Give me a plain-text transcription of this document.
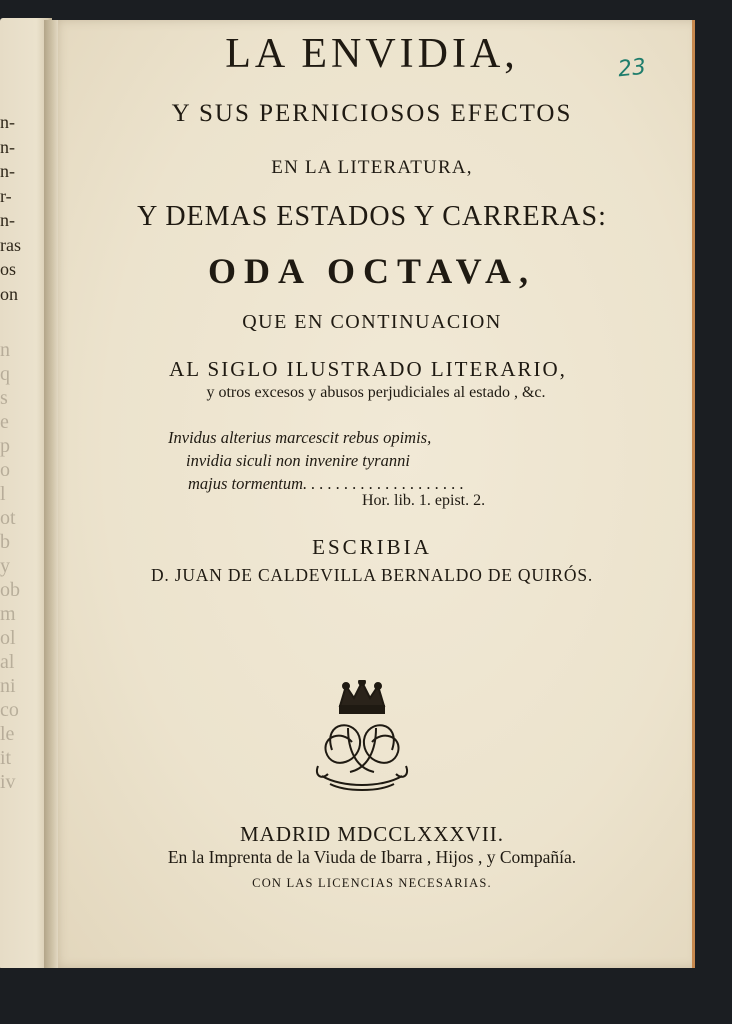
n-
n-
n-
r-
n-
ras
os
on
n
q
s
e
p
o
l
ot
b
y
ob
m
ol
al
ni
co
le
it
iv
LA ENVIDIA,
Y SUS PERNICIOSOS EFECTOS
EN LA LITERATURA,
Y DEMAS ESTADOS Y CARRERAS:
ODA OCTAVA,
QUE EN CONTINUACION
AL SIGLO ILUSTRADO LITERARIO,
y otros excesos y abusos perjudiciales al estado , &c.
Invidus alterius marcescit rebus opimis,
invidia siculi non invenire tyranni
majus tormentum. . . . . . . . . . . . . . . . . . . .
Hor. lib. 1. epist. 2.
ESCRIBIA
D. JUAN DE CALDEVILLA BERNALDO DE QUIRÓS.
23
MADRID MDCCLXXXVII.
En la Imprenta de la Viuda de Ibarra , Hijos , y Compañía.
CON LAS LICENCIAS NECESARIAS.
